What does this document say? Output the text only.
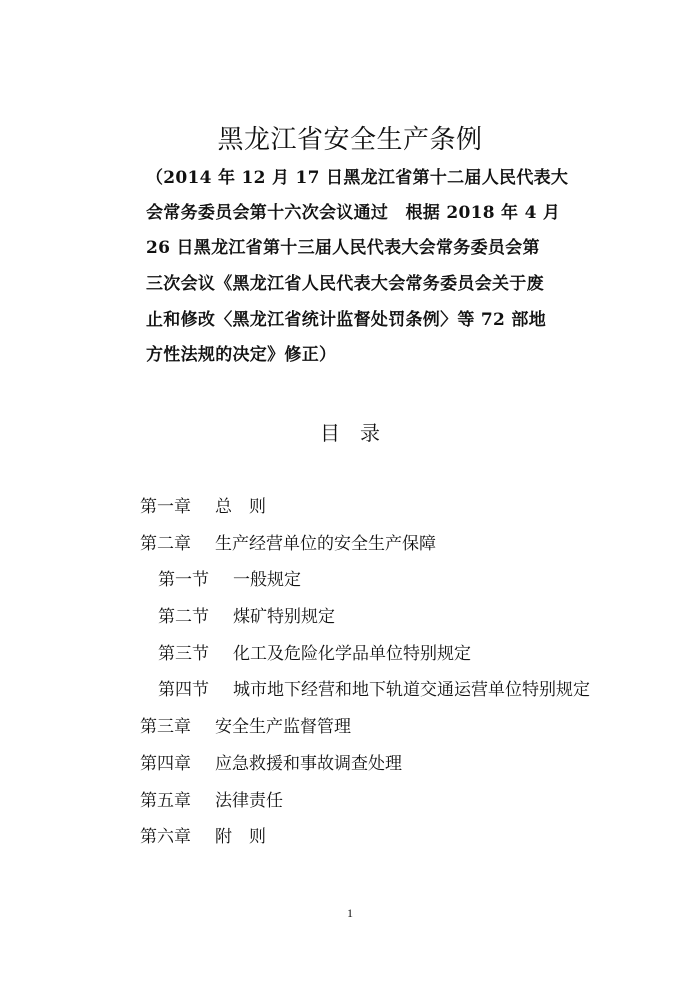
黑龙江省安全生产条例
（2014 年 12 月 17 日黑龙江省第十二届人民代表大
会常务委员会第十六次会议通过　根据 2018 年 4 月
26 日黑龙江省第十三届人民代表大会常务委员会第
三次会议《黑龙江省人民代表大会常务委员会关于废
止和修改〈黑龙江省统计监督处罚条例〉等 72 部地
方性法规的决定》修正）
目　录
第一章 总　则
第二章 生产经营单位的安全生产保障
第一节 一般规定
第二节 煤矿特别规定
第三节 化工及危险化学品单位特别规定
第四节 城市地下经营和地下轨道交通运营单位特别规定
第三章 安全生产监督管理
第四章 应急救援和事故调查处理
第五章 法律责任
第六章 附　则
1
